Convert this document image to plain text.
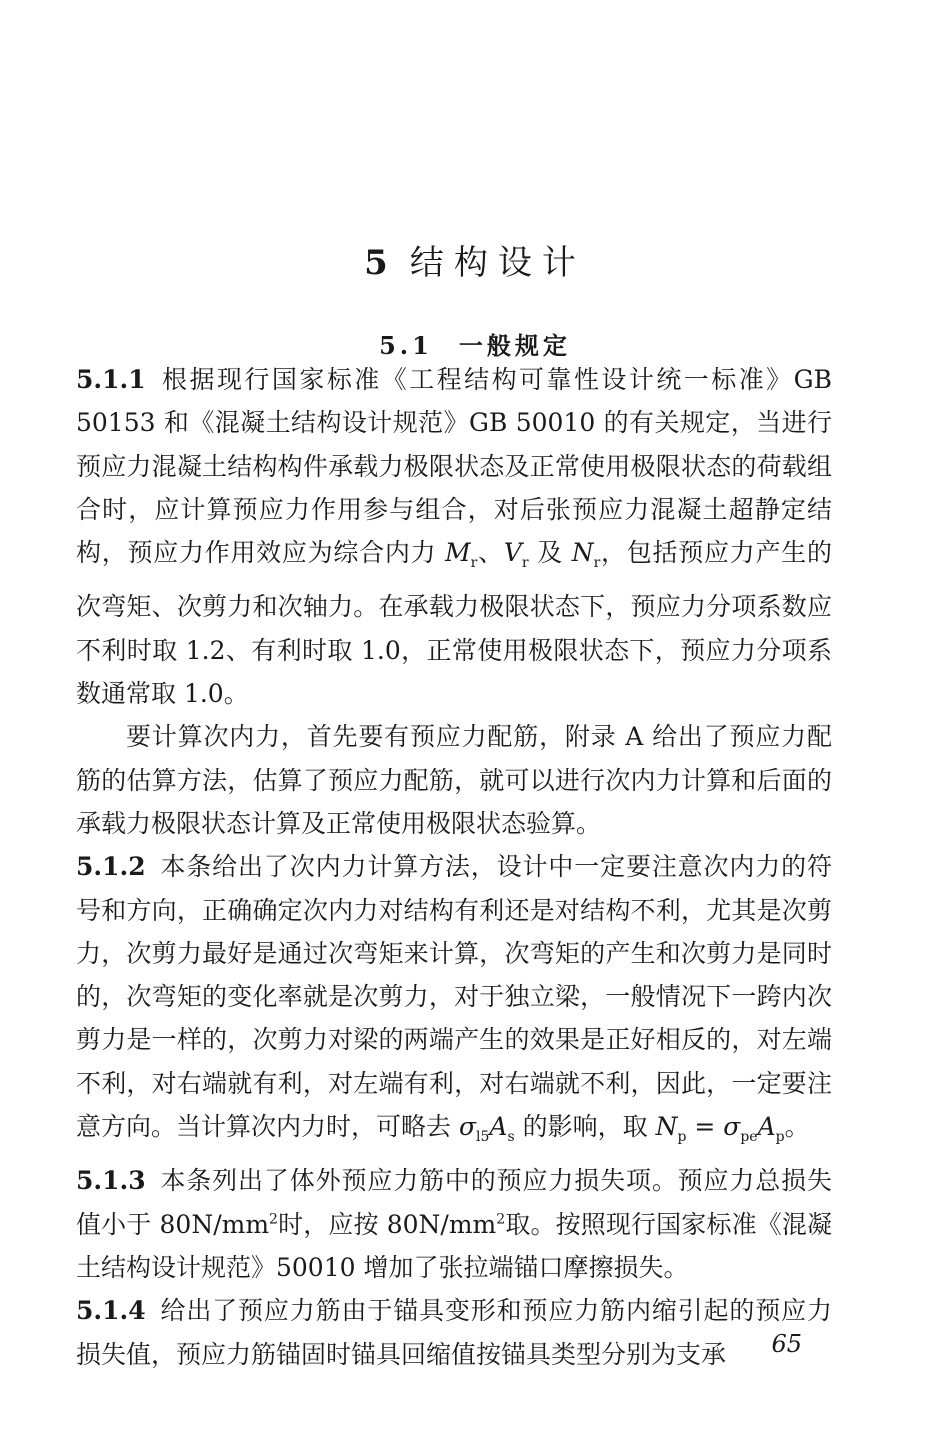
5 结构设计
5.1 一般规定

5.1.1 根据现行国家标准《工程结构可靠性设计统一标准》GB 50153 和《混凝土结构设计规范》GB 50010 的有关规定，当进行预应力混凝土结构构件承载力极限状态及正常使用极限状态的荷载组合时，应计算预应力作用参与组合，对后张预应力混凝土超静定结构，预应力作用效应为综合内力 $M_r$、$V_r$ 及 $N_r$，包括预应力产生的次弯矩、次剪力和次轴力。在承载力极限状态下，预应力分项系数应不利时取 1.2、有利时取 1.0，正常使用极限状态下，预应力分项系数通常取 1.0。

要计算次内力，首先要有预应力配筋，附录 A 给出了预应力配筋的估算方法，估算了预应力配筋，就可以进行次内力计算和后面的承载力极限状态计算及正常使用极限状态验算。

5.1.2 本条给出了次内力计算方法，设计中一定要注意次内力的符号和方向，正确确定次内力对结构有利还是对结构不利，尤其是次剪力，次剪力最好是通过次弯矩来计算，次弯矩的产生和次剪力是同时的，次弯矩的变化率就是次剪力，对于独立梁，一般情况下一跨内次剪力是一样的，次剪力对梁的两端产生的效果是正好相反的，对左端不利，对右端就有利，对左端有利，对右端就不利，因此，一定要注意方向。当计算次内力时，可略去 $\sigma_{l5}A_s$ 的影响，取 $N_p = \sigma_{pe}A_p$。

5.1.3 本条列出了体外预应力筋中的预应力损失项。预应力总损失值小于 $80N/mm^2$时，应按 $80N/mm^2$取。按照现行国家标准《混凝土结构设计规范》50010 增加了张拉端锚口摩擦损失。

5.1.4 给出了预应力筋由于锚具变形和预应力筋内缩引起的预应力损失值，预应力筋锚固时锚具回缩值按锚具类型分别为支承	65
